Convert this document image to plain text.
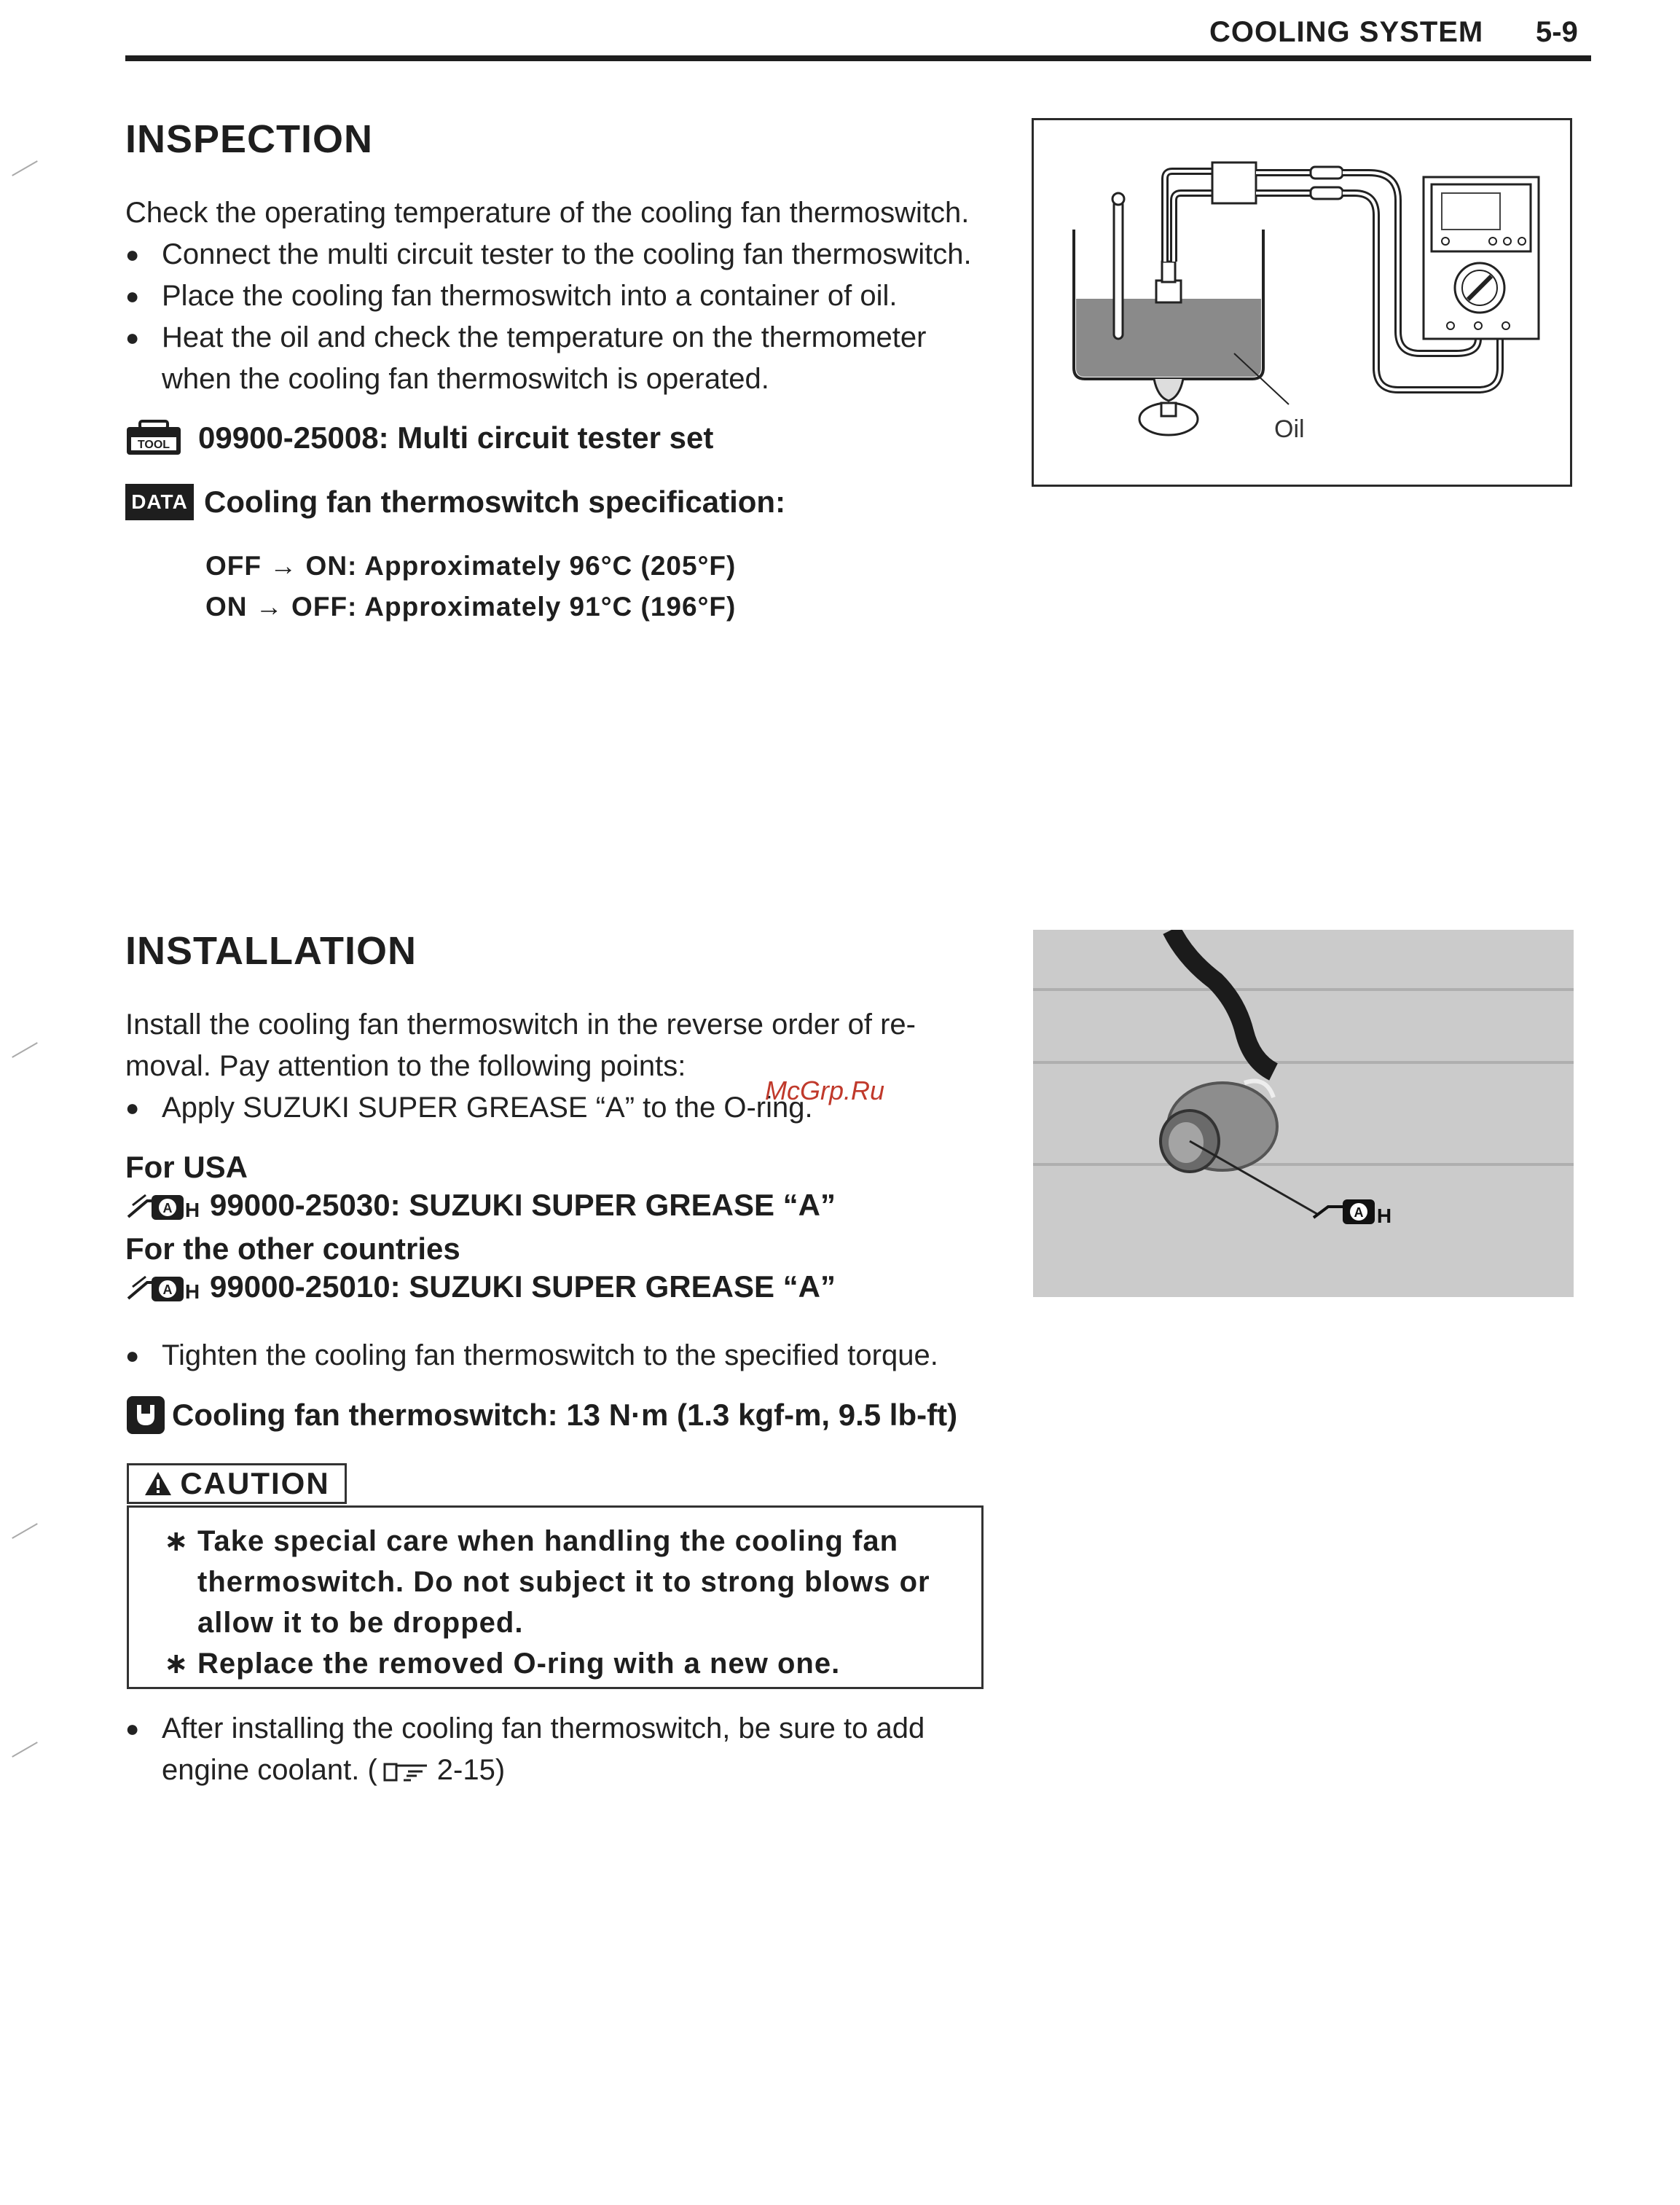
COOLING SYSTEM 5-9
INSPECTION
Check the operating temperature of the cooling fan thermoswitch.
● Connect the multi circuit tester to the cooling fan thermoswitch.
● Place the cooling fan thermoswitch into a container of oil.
● Heat the oil and check the temperature on the thermometer
when the cooling fan thermoswitch is operated.
TOOL 09900-25008: Multi circuit tester set
DATA Cooling fan thermoswitch specification:
OFF → ON: Approximately 96°C (205°F)
ON → OFF: Approximately 91°C (196°F)
Oil
INSTALLATION
Install the cooling fan thermoswitch in the reverse order of re-
moval. Pay attention to the following points:
● Apply SUZUKI SUPER GREASE “A” to the O-ring.
For USA
A H 99000-25030: SUZUKI SUPER GREASE “A”
For the other countries
A H 99000-25010: SUZUKI SUPER GREASE “A”
● Tighten the cooling fan thermoswitch to the specified torque.
Cooling fan thermoswitch: 13 N·m (1.3 kgf-m, 9.5 lb-ft)
CAUTION
∗ Take special care when handling the cooling fan
thermoswitch. Do not subject it to strong blows or
allow it to be dropped.
∗ Replace the removed O-ring with a new one.
● After installing the cooling fan thermoswitch, be sure to add
engine coolant. ( 2-15)
A H
McGrp.Ru
